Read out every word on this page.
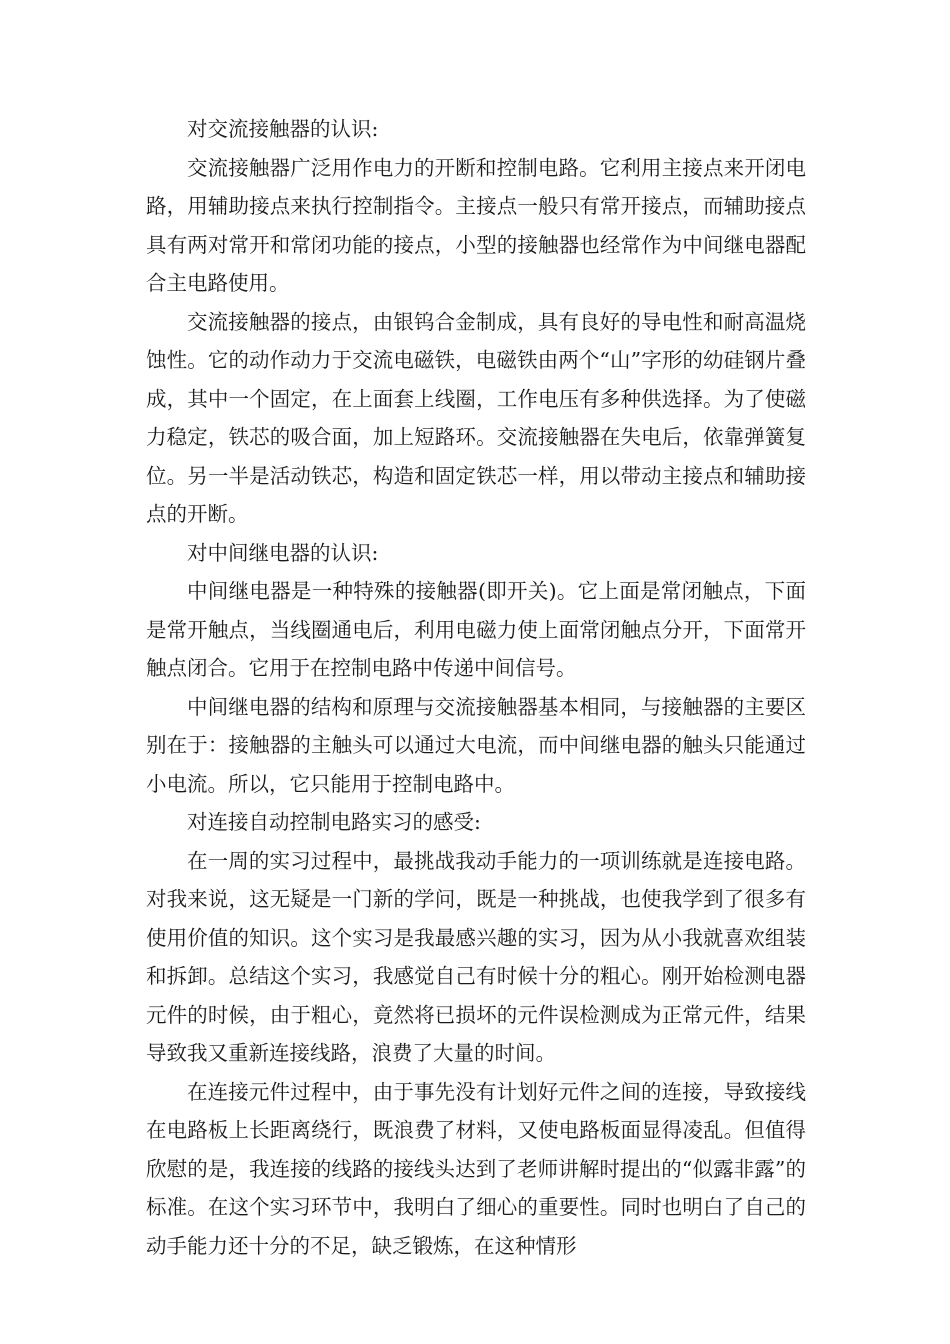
对交流接触器的认识:

交流接触器广泛用作电力的开断和控制电路。它利用主接点来开闭电路，用辅助接点来执行控制指令。主接点一般只有常开接点，而辅助接点具有两对常开和常闭功能的接点，小型的接触器也经常作为中间继电器配合主电路使用。

交流接触器的接点，由银钨合金制成，具有良好的导电性和耐高温烧蚀性。它的动作动力于交流电磁铁，电磁铁由两个“山”字形的幼硅钢片叠成，其中一个固定，在上面套上线圈，工作电压有多种供选择。为了使磁力稳定，铁芯的吸合面，加上短路环。交流接触器在失电后，依靠弹簧复位。另一半是活动铁芯，构造和固定铁芯一样，用以带动主接点和辅助接点的开断。

对中间继电器的认识:

中间继电器是一种特殊的接触器(即开关)。它上面是常闭触点，下面是常开触点，当线圈通电后，利用电磁力使上面常闭触点分开，下面常开触点闭合。它用于在控制电路中传递中间信号。

中间继电器的结构和原理与交流接触器基本相同，与接触器的主要区别在于：接触器的主触头可以通过大电流，而中间继电器的触头只能通过小电流。所以，它只能用于控制电路中。

对连接自动控制电路实习的感受:

在一周的实习过程中，最挑战我动手能力的一项训练就是连接电路。对我来说，这无疑是一门新的学问，既是一种挑战，也使我学到了很多有使用价值的知识。这个实习是我最感兴趣的实习，因为从小我就喜欢组装和拆卸。总结这个实习，我感觉自己有时候十分的粗心。刚开始检测电器元件的时候，由于粗心，竟然将已损坏的元件误检测成为正常元件，结果导致我又重新连接线路，浪费了大量的时间。

在连接元件过程中，由于事先没有计划好元件之间的连接，导致接线在电路板上长距离绕行，既浪费了材料，又使电路板面显得凌乱。但值得欣慰的是，我连接的线路的接线头达到了老师讲解时提出的“似露非露”的标准。在这个实习环节中，我明白了细心的重要性。同时也明白了自己的动手能力还十分的不足，缺乏锻炼，在这种情形
